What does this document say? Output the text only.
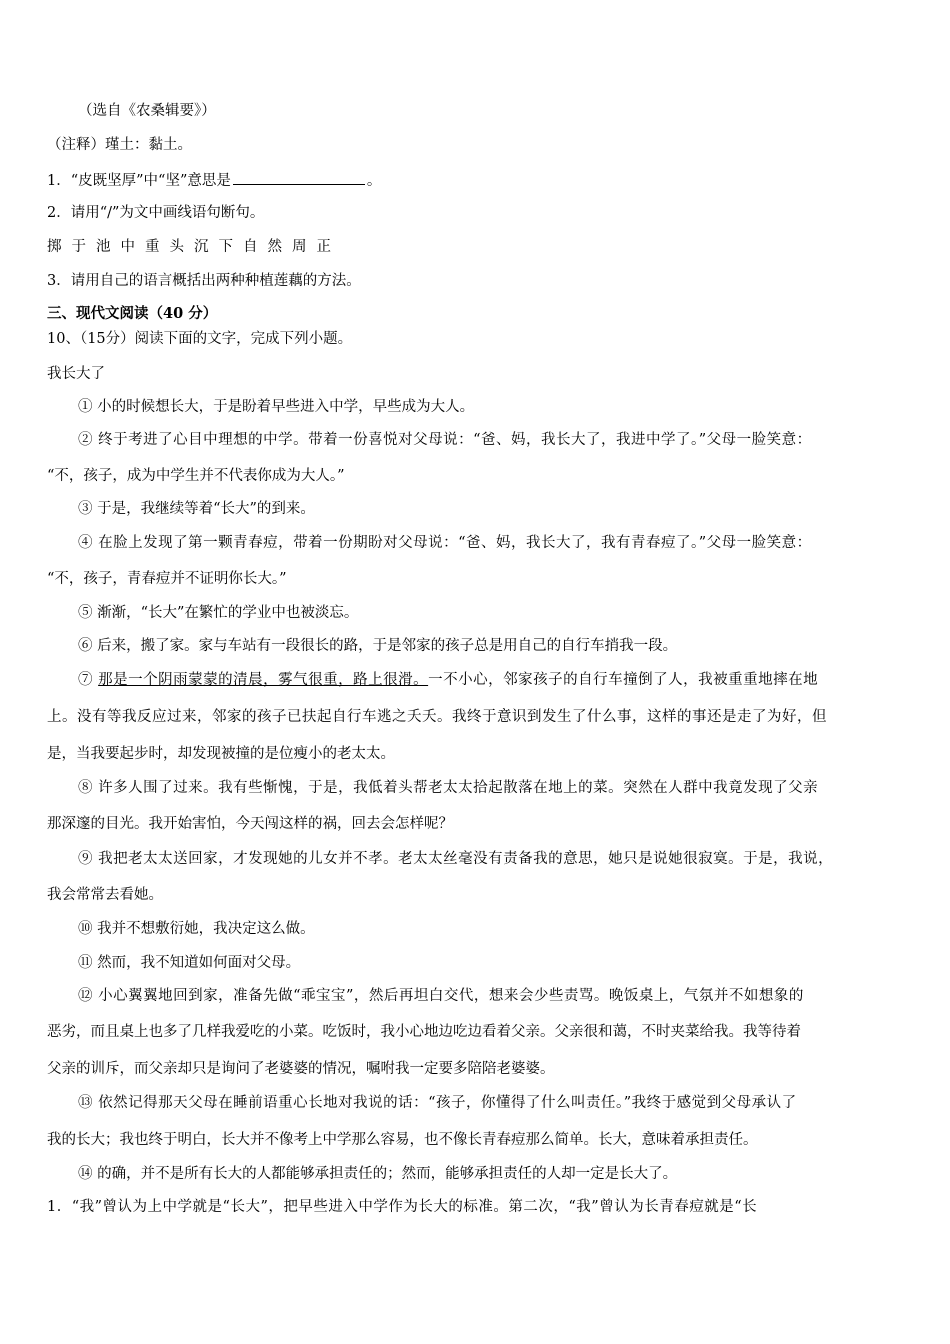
（选自《农桑辑要》）
（注释）瑾土：黏土。
1．“皮既坚厚”中“坚”意思是	。
2．请用“/”为文中画线语句断句。
掷于池中重头沉下自然周正
3．请用自己的语言概括出两种种植莲藕的方法。
三、现代文阅读（40 分）
10、（15分）阅读下面的文字，完成下列小题。
我长大了
① 小的时候想长大，于是盼着早些进入中学，早些成为大人。
② 终于考进了心目中理想的中学。带着一份喜悦对父母说：“爸、妈，我长大了，我进中学了。”父母一脸笑意：
“不，孩子，成为中学生并不代表你成为大人。”
③ 于是，我继续等着“长大”的到来。
④ 在脸上发现了第一颗青春痘，带着一份期盼对父母说：“爸、妈，我长大了，我有青春痘了。”父母一脸笑意：
“不，孩子，青春痘并不证明你长大。”
⑤ 渐渐，“长大”在繁忙的学业中也被淡忘。
⑥ 后来，搬了家。家与车站有一段很长的路，于是邻家的孩子总是用自己的自行车捎我一段。
⑦ 那是一个阴雨蒙蒙的清晨，雾气很重，路上很滑。一不小心，邻家孩子的自行车撞倒了人，我被重重地摔在地
上。没有等我反应过来，邻家的孩子已扶起自行车逃之夭夭。我终于意识到发生了什么事，这样的事还是走了为好，但
是，当我要起步时，却发现被撞的是位瘦小的老太太。
⑧ 许多人围了过来。我有些惭愧，于是，我低着头帮老太太拾起散落在地上的菜。突然在人群中我竟发现了父亲
那深邃的目光。我开始害怕，今天闯这样的祸，回去会怎样呢？
⑨ 我把老太太送回家，才发现她的儿女并不孝。老太太丝毫没有责备我的意思，她只是说她很寂寞。于是，我说，
我会常常去看她。
⑩ 我并不想敷衍她，我决定这么做。
⑪ 然而，我不知道如何面对父母。
⑫ 小心翼翼地回到家，准备先做“乖宝宝”，然后再坦白交代，想来会少些责骂。晚饭桌上，气氛并不如想象的
恶劣，而且桌上也多了几样我爱吃的小菜。吃饭时，我小心地边吃边看着父亲。父亲很和蔼，不时夹菜给我。我等待着
父亲的训斥，而父亲却只是询问了老婆婆的情况，嘱咐我一定要多陪陪老婆婆。
⑬ 依然记得那天父母在睡前语重心长地对我说的话：“孩子，你懂得了什么叫责任。”我终于感觉到父母承认了
我的长大；我也终于明白，长大并不像考上中学那么容易，也不像长青春痘那么简单。长大，意味着承担责任。
⑭ 的确，并不是所有长大的人都能够承担责任的；然而，能够承担责任的人却一定是长大了。
1．“我”曾认为上中学就是“长大”，把早些进入中学作为长大的标准。第二次，“我”曾认为长青春痘就是“长
